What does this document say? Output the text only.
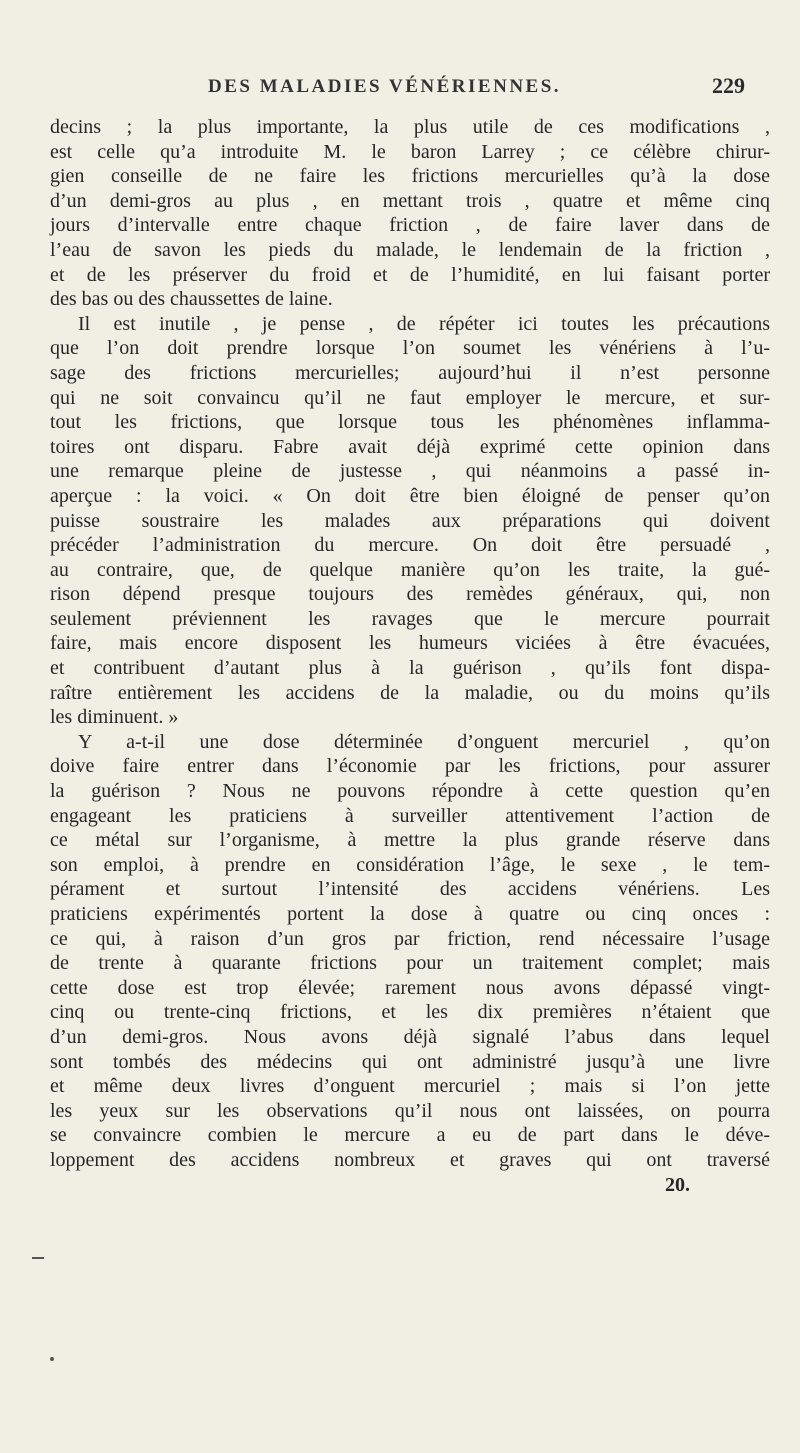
DES MALADIES VÉNÉRIENNES.	229
decins ; la plus importante, la plus utile de ces modifications ,
est celle qu’a introduite M. le baron Larrey ; ce célèbre chirur-
gien conseille de ne faire les frictions mercurielles qu’à la dose
d’un demi-gros au plus , en mettant trois , quatre et même cinq
jours d’intervalle entre chaque friction , de faire laver dans de
l’eau de savon les pieds du malade, le lendemain de la friction ,
et de les préserver du froid et de l’humidité, en lui faisant porter
des bas ou des chaussettes de laine.
Il est inutile , je pense , de répéter ici toutes les précautions
que l’on doit prendre lorsque l’on soumet les vénériens à l’u-
sage des frictions mercurielles; aujourd’hui il n’est personne
qui ne soit convaincu qu’il ne faut employer le mercure, et sur-
tout les frictions, que lorsque tous les phénomènes inflamma-
toires ont disparu. Fabre avait déjà exprimé cette opinion dans
une remarque pleine de justesse , qui néanmoins a passé in-
aperçue : la voici. « On doit être bien éloigné de penser qu’on
puisse soustraire les malades aux préparations qui doivent
précéder l’administration du mercure. On doit être persuadé ,
au contraire, que, de quelque manière qu’on les traite, la gué-
rison dépend presque toujours des remèdes généraux, qui, non
seulement préviennent les ravages que le mercure pourrait
faire, mais encore disposent les humeurs viciées à être évacuées,
et contribuent d’autant plus à la guérison , qu’ils font dispa-
raître entièrement les accidens de la maladie, ou du moins qu’ils
les diminuent. »
Y a-t-il une dose déterminée d’onguent mercuriel , qu’on
doive faire entrer dans l’économie par les frictions, pour assurer
la guérison ? Nous ne pouvons répondre à cette question qu’en
engageant les praticiens à surveiller attentivement l’action de
ce métal sur l’organisme, à mettre la plus grande réserve dans
son emploi, à prendre en considération l’âge, le sexe , le tem-
pérament et surtout l’intensité des accidens vénériens. Les
praticiens expérimentés portent la dose à quatre ou cinq onces :
ce qui, à raison d’un gros par friction, rend nécessaire l’usage
de trente à quarante frictions pour un traitement complet; mais
cette dose est trop élevée; rarement nous avons dépassé vingt-
cinq ou trente-cinq frictions, et les dix premières n’étaient que
d’un demi-gros. Nous avons déjà signalé l’abus dans lequel
sont tombés des médecins qui ont administré jusqu’à une livre
et même deux livres d’onguent mercuriel ; mais si l’on jette
les yeux sur les observations qu’il nous ont laissées, on pourra
se convaincre combien le mercure a eu de part dans le déve-
loppement des accidens nombreux et graves qui ont traversé
20.
